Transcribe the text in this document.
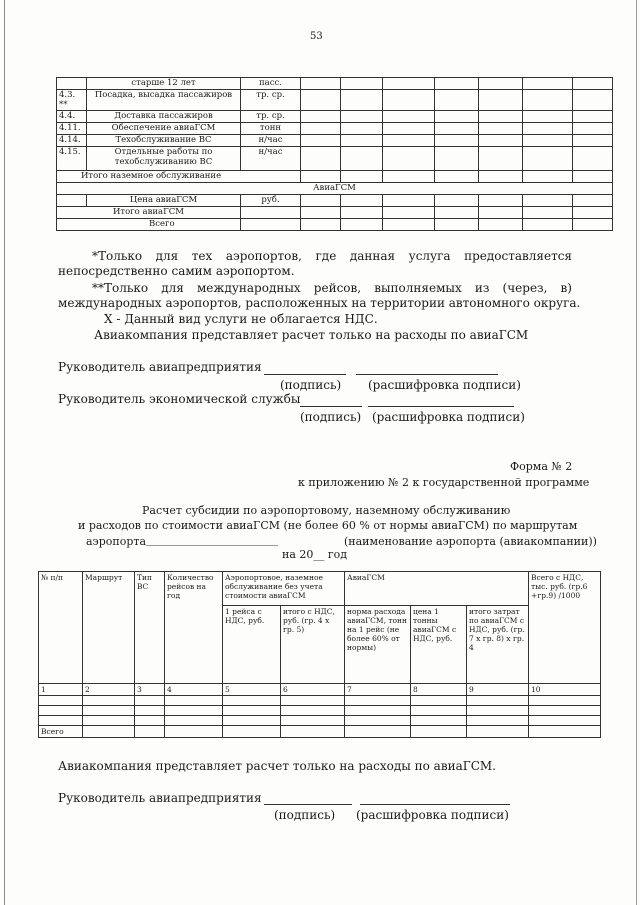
53
	старше 12 лет	пасс.							
4.3. **	Посадка, высадка пассажиров	тр. ср.							
4.4.	Доставка пассажиров	тр. ср.							
4.11.	Обеспечение авиаГСМ	тонн							
4.14.	Техобслуживание ВС	н/час							
4.15.	Отдельные работы по техобслуживанию ВС	н/час							
Итого наземное обслуживание									
АвиаГСМ									
	Цена авиаГСМ	руб.							
Итого авиаГСМ									
Всего									
*Только для тех аэропортов, где данная услуга предоставляется
непосредственно самим аэропортом.
**Только для международных рейсов, выполняемых из (через, в)
международных аэропортов, расположенных на территории автономного округа.
Х - Данный вид услуги не облагается НДС.
Авиакомпания представляет расчет только на расходы по авиаГСМ
Руководитель авиапредприятия
(подпись) (расшифровка подписи)
Руководитель экономической службы
(подпись) (расшифровка подписи)
Форма № 2
к приложению № 2 к государственной программе
Расчет субсидии по аэропортовому, наземному обслуживанию
и расходов по стоимости авиаГСМ (не более 60 % от нормы авиаГСМ) по маршрутам
аэропорта ________________________	(наименование аэропорта (авиакомпании))
на 20__ год
№ п/п	Маршрут	Тип ВС	Количество рейсов на год	Аэропортовое, наземное обслуживание без учета стоимости авиаГСМ		АвиаГСМ			Всего с НДС, тыс. руб. (гр.6 +гр.9) /1000
				1 рейса с НДС, руб.	итого с НДС, руб. (гр. 4 х гр. 5)	норма расхода авиаГСМ, тонн на 1 рейс (не более 60% от нормы)	цена 1 тонны авиаГСМ с НДС, руб.	итого затрат по авиаГСМ с НДС, руб. (гр. 7 х гр. 8) х гр. 4	
1	2	3	4	5	6	7	8	9	10

Всего									
Авиакомпания представляет расчет только на расходы по авиаГСМ.
Руководитель авиапредприятия
(подпись) (расшифровка подписи)
